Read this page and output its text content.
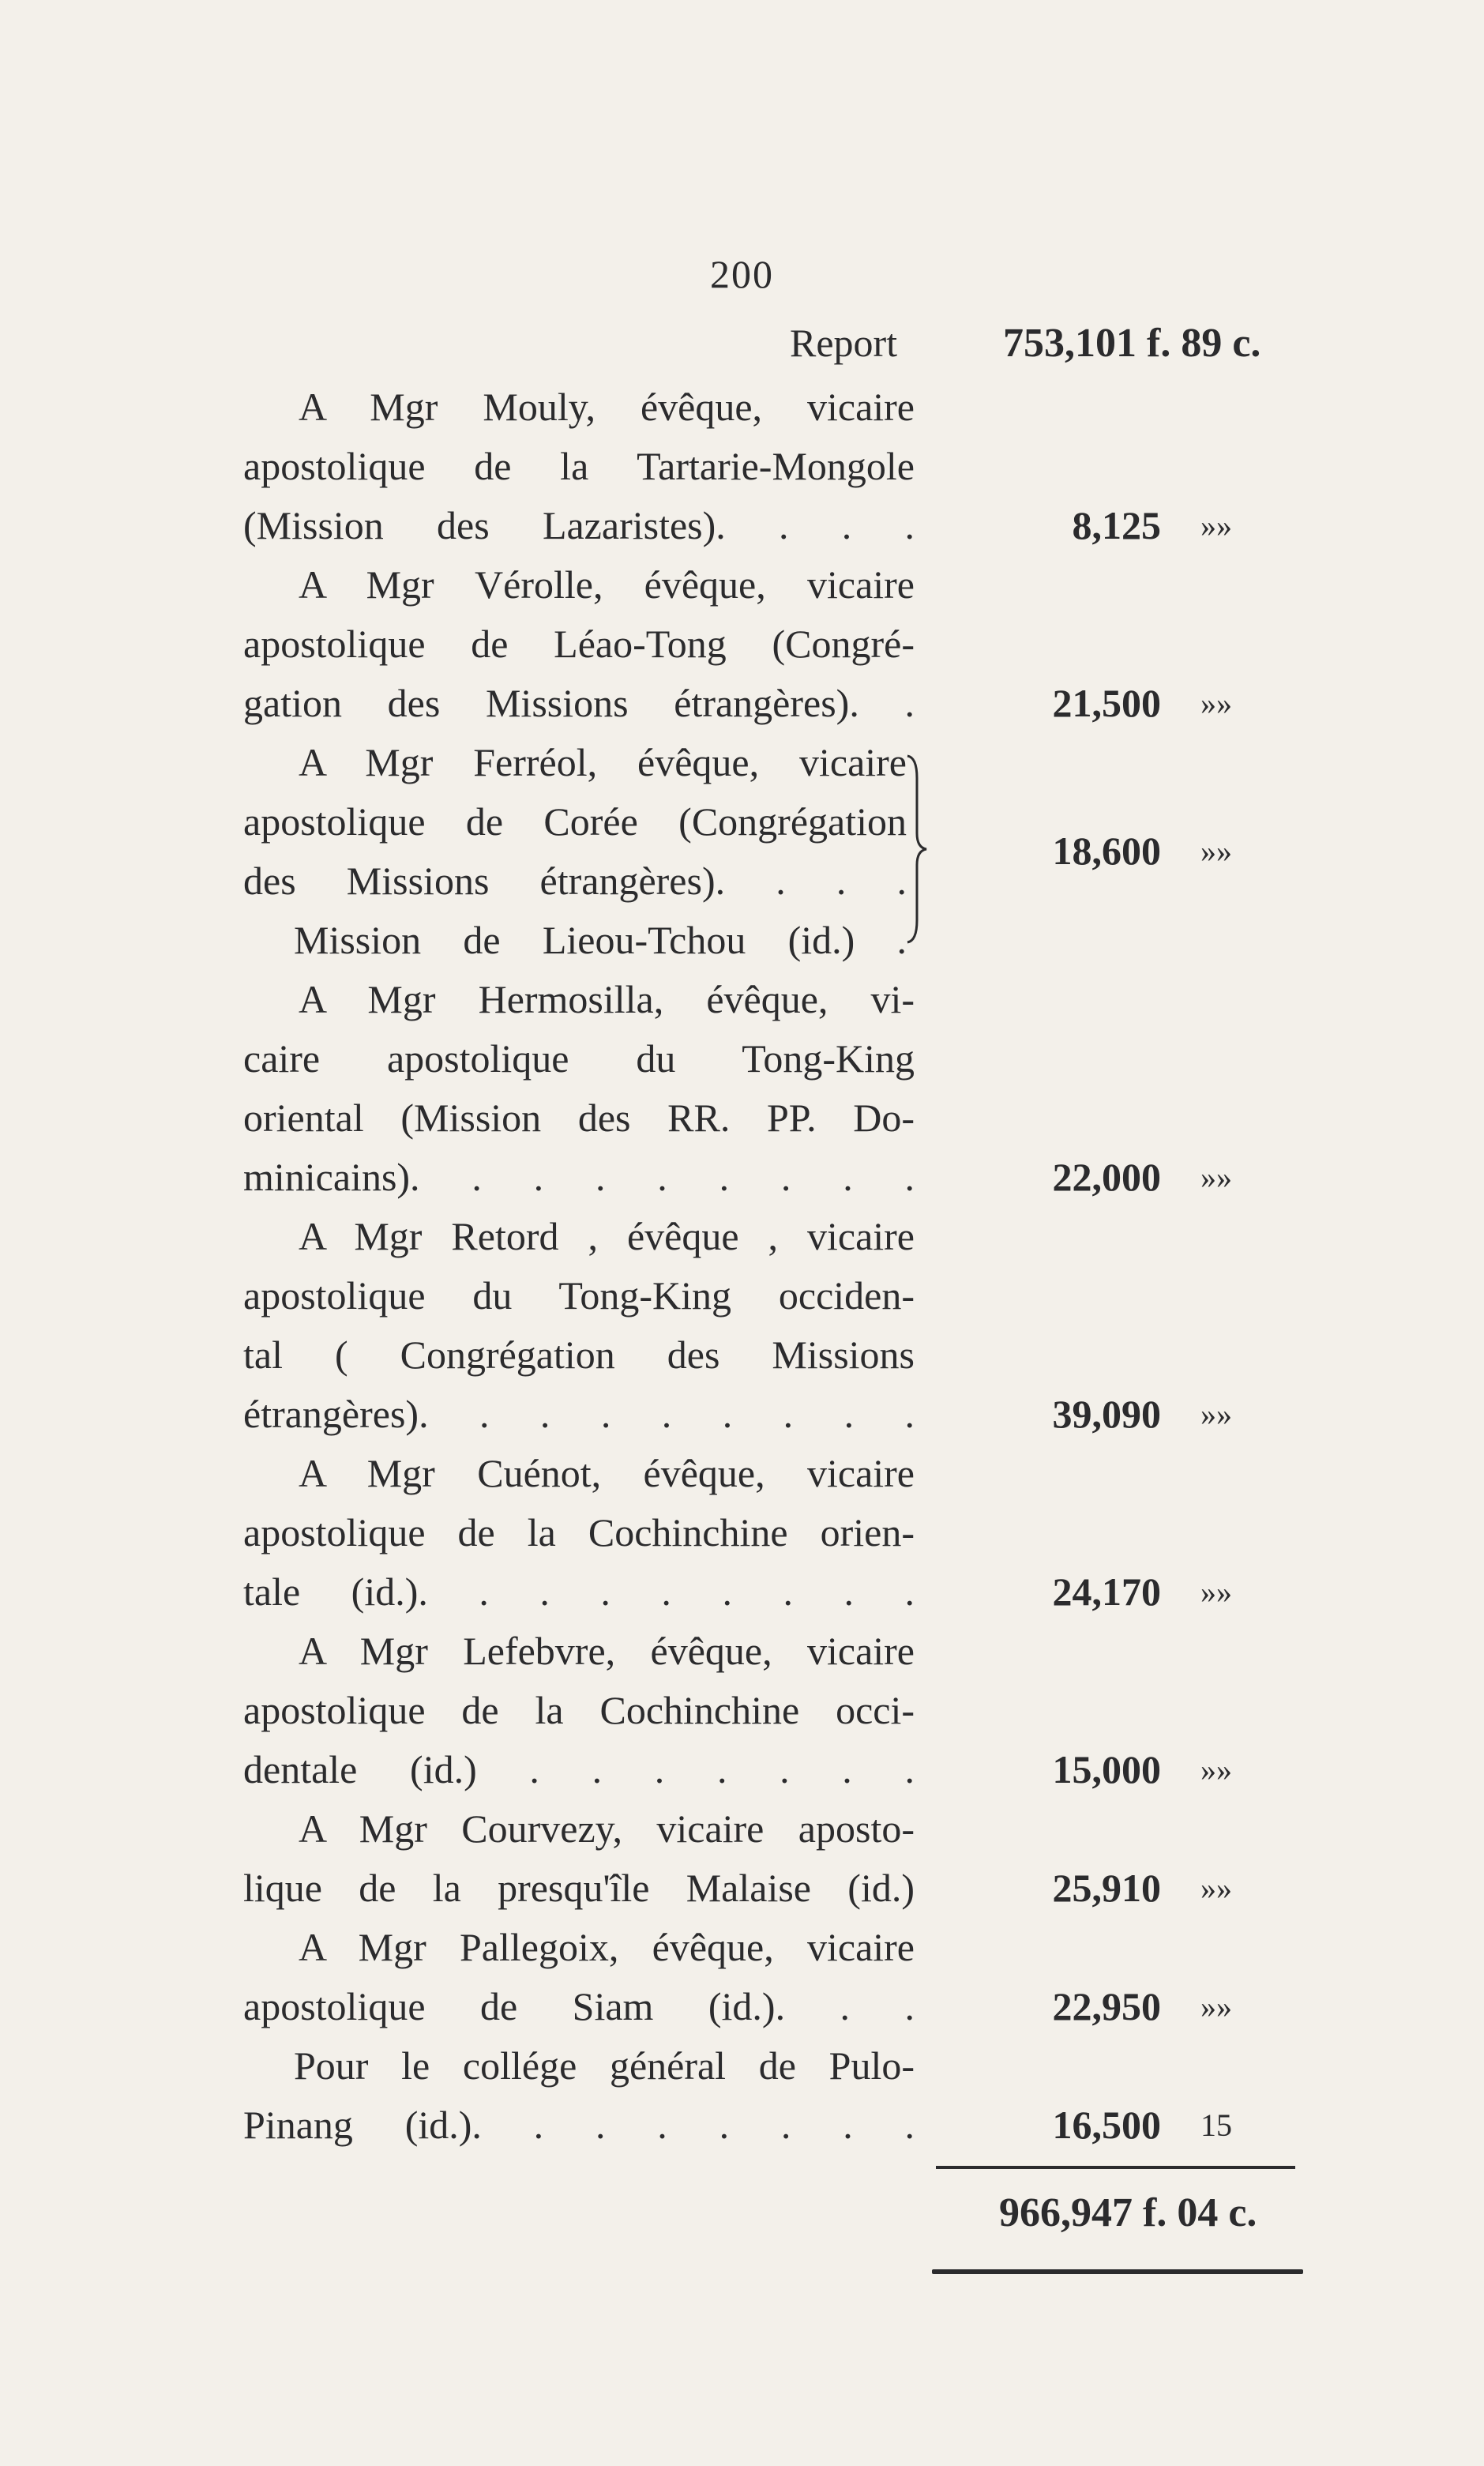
200
Report	753,101 f. 89 c.
A Mgr Mouly, évêque, vicaire
apostolique de la Tartarie-Mongole
(Mission des Lazaristes). . . .
A Mgr Vérolle, évêque, vicaire
apostolique de Léao-Tong (Congré-
gation des Missions étrangères). .
A Mgr Ferréol, évêque, vicaire
apostolique de Corée (Congrégation
des Missions étrangères). . . .
Mission de Lieou-Tchou (id.) .
A Mgr Hermosilla, évêque, vi-
caire apostolique du Tong-King
oriental (Mission des RR. PP. Do-
minicains). . . . . . . . .
A Mgr Retord , évêque , vicaire
apostolique du Tong-King occiden-
tal ( Congrégation des Missions
étrangères). . . . . . . . .
A Mgr Cuénot, évêque, vicaire
apostolique de la Cochinchine orien-
tale (id.). . . . . . . . .
A Mgr Lefebvre, évêque, vicaire
apostolique de la Cochinchine occi-
dentale (id.) . . . . . . .
A Mgr Courvezy, vicaire aposto-
lique de la presqu'île Malaise (id.)
A Mgr Pallegoix, évêque, vicaire
apostolique de Siam (id.). . .
Pour le collége général de Pulo-
Pinang (id.). . . . . . . .
8,125 »»
21,500 »»
18,600 »»
22,000 »»
39,090 »»
24,170 »»
15,000 »»
25,910 »»
22,950 »»
16,500 15
966,947 f. 04 c.
